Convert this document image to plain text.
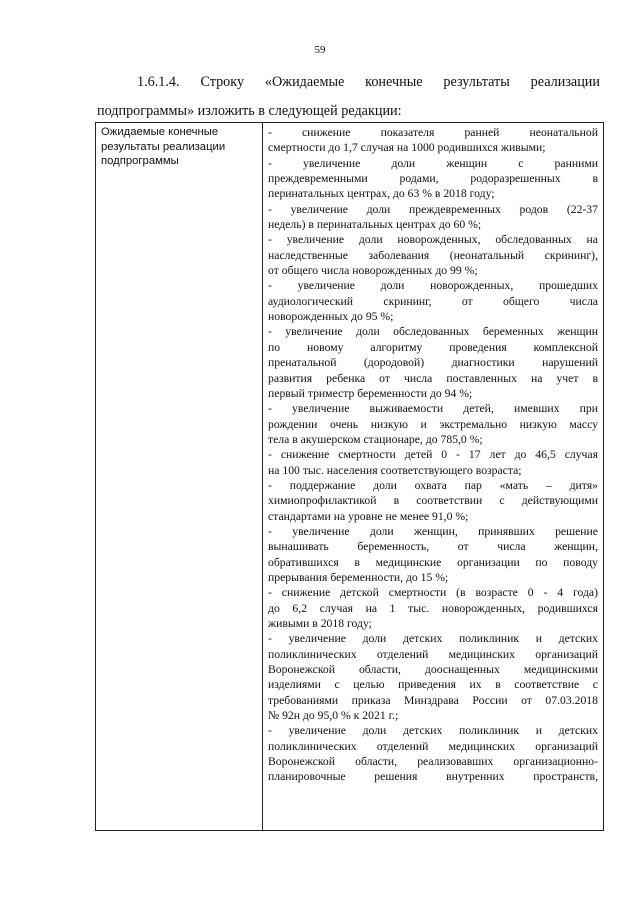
59

1.6.1.4. Строку «Ожидаемые конечные результаты реализации

подпрограммы» изложить в следующей редакции:

Ожидаемые конечные
результаты реализации
подпрограммы

- снижение показателя ранней неонатальной
смертности до 1,7 случая на 1000 родившихся живыми;
- увеличение доли женщин с ранними
преждевременными родами, родоразрешенных в
перинатальных центрах, до 63 % в 2018 году;
- увеличение доли преждевременных родов (22-37
недель) в перинатальных центрах до 60 %;
- увеличение доли новорожденных, обследованных на
наследственные заболевания (неонатальный скрининг),
от общего числа новорожденных до 99 %;
- увеличение доли новорожденных, прошедших
аудиологический скрининг, от общего числа
новорожденных до 95 %;
- увеличение доли обследованных беременных женщин
по новому алгоритму проведения комплексной
пренатальной (дородовой) диагностики нарушений
развития ребенка от числа поставленных на учет в
первый триместр беременности до 94 %;
- увеличение выживаемости детей, имевших при
рождении очень низкую и экстремально низкую массу
тела в акушерском стационаре, до 785,0 %;
- снижение смертности детей 0 - 17 лет до 46,5 случая
на 100 тыс. населения соответствующего возраста;
- поддержание доли охвата пар «мать – дитя»
химиопрофилактикой в соответствии с действующими
стандартами на уровне не менее 91,0 %;
- увеличение доли женщин, принявших решение
вынашивать беременность, от числа женщин,
обратившихся в медицинские организации по поводу
прерывания беременности, до 15 %;
- снижение детской смертности (в возрасте 0 - 4 года)
до 6,2 случая на 1 тыс. новорожденных, родившихся
живыми в 2018 году;
- увеличение доли детских поликлиник и детских
поликлинических отделений медицинских организаций
Воронежской области, дооснащенных медицинскими
изделиями с целью приведения их в соответствие с
требованиями приказа Минздрава России от 07.03.2018
№ 92н до 95,0 % к 2021 г.;
- увеличение доли детских поликлиник и детских
поликлинических отделений медицинских организаций
Воронежской области, реализовавших организационно-
планировочные решения внутренних пространств,
